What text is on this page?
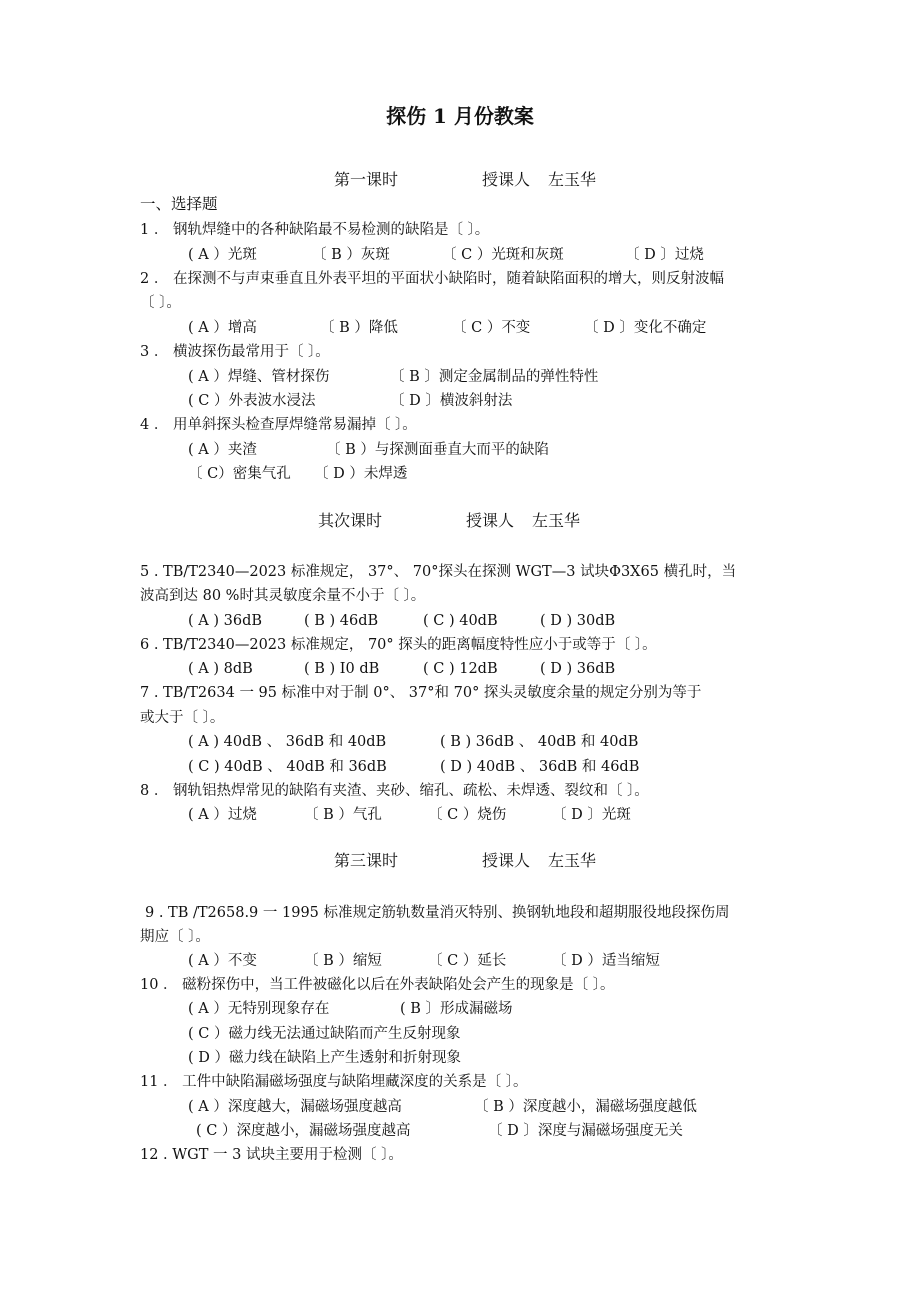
探伤 1 月份教案
第一课时	授课人 左玉华
一、选择题
1 ． 钢轨焊缝中的各种缺陷最不易检测的缺陷是〔 〕。
( A ）光斑	〔 B ）灰斑	〔 C ）光斑和灰斑	〔 D 〕过烧
2 ． 在探测不与声束垂直且外表平坦的平面状小缺陷时，随着缺陷面积的增大，则反射波幅
〔 〕。
( A ）增高	〔 B ）降低	〔 C ）不变	〔 D 〕变化不确定
3 ． 横波探伤最常用于〔 〕。
( A ）焊缝、管材探伤	〔 B 〕测定金属制品的弹性特性
( C ）外表波水浸法	〔 D 〕横波斜射法
4 ． 用单斜探头检查厚焊缝常易漏掉〔 〕。
( A ）夹渣	〔 B ）与探测面垂直大而平的缺陷
〔 C）密集气孔 〔 D ）未焊透
其次课时	授课人 左玉华
5 . TB/T2340—2023 标准规定， 37°、 70°探头在探测 WGT—3 试块Φ3X65 横孔时，当
波高到达 80 %时其灵敏度余量不小于〔 〕。
( A ) 36dB	( B ) 46dB	( C ) 40dB	( D ) 30dB
6 . TB/T2340—2023 标准规定， 70° 探头的距离幅度特性应小于或等于〔 〕。
( A ) 8dB	( B ) I0 dB	( C ) 12dB	( D ) 36dB
7 . TB/T2634 一 95 标准中对于制 0°、 37°和 70° 探头灵敏度余量的规定分别为等于
或大于〔 〕。
( A ) 40dB 、 36dB 和 40dB	( B ) 36dB 、 40dB 和 40dB
( C ) 40dB 、 40dB 和 36dB	( D ) 40dB 、 36dB 和 46dB
8 ． 钢轨铝热焊常见的缺陷有夹渣、夹砂、缩孔、疏松、未焊透、裂纹和〔 〕。
( A ）过烧	〔 B ）气孔	〔 C ）烧伤	〔 D 〕光斑
第三课时	授课人 左玉华
9 . TB /T2658.9 一 1995 标准规定筋轨数量消灭特别、换钢轨地段和超期服役地段探伤周
期应〔 〕。
( A ）不变	〔 B ）缩短	〔 C ）延长	〔 D ）适当缩短
10 ． 磁粉探伤中，当工件被磁化以后在外表缺陷处会产生的现象是〔 〕。
( A ）无特别现象存在	( B 〕形成漏磁场
( C ）磁力线无法通过缺陷而产生反射现象
( D ）磁力线在缺陷上产生透射和折射现象
11 ． 工件中缺陷漏磁场强度与缺陷埋藏深度的关系是〔 〕。
( A ）深度越大，漏磁场强度越高	〔 B ）深度越小，漏磁场强度越低
( C ）深度越小，漏磁场强度越高	〔 D 〕深度与漏磁场强度无关
12 . WGT 一 3 试块主要用于检测〔 〕。
